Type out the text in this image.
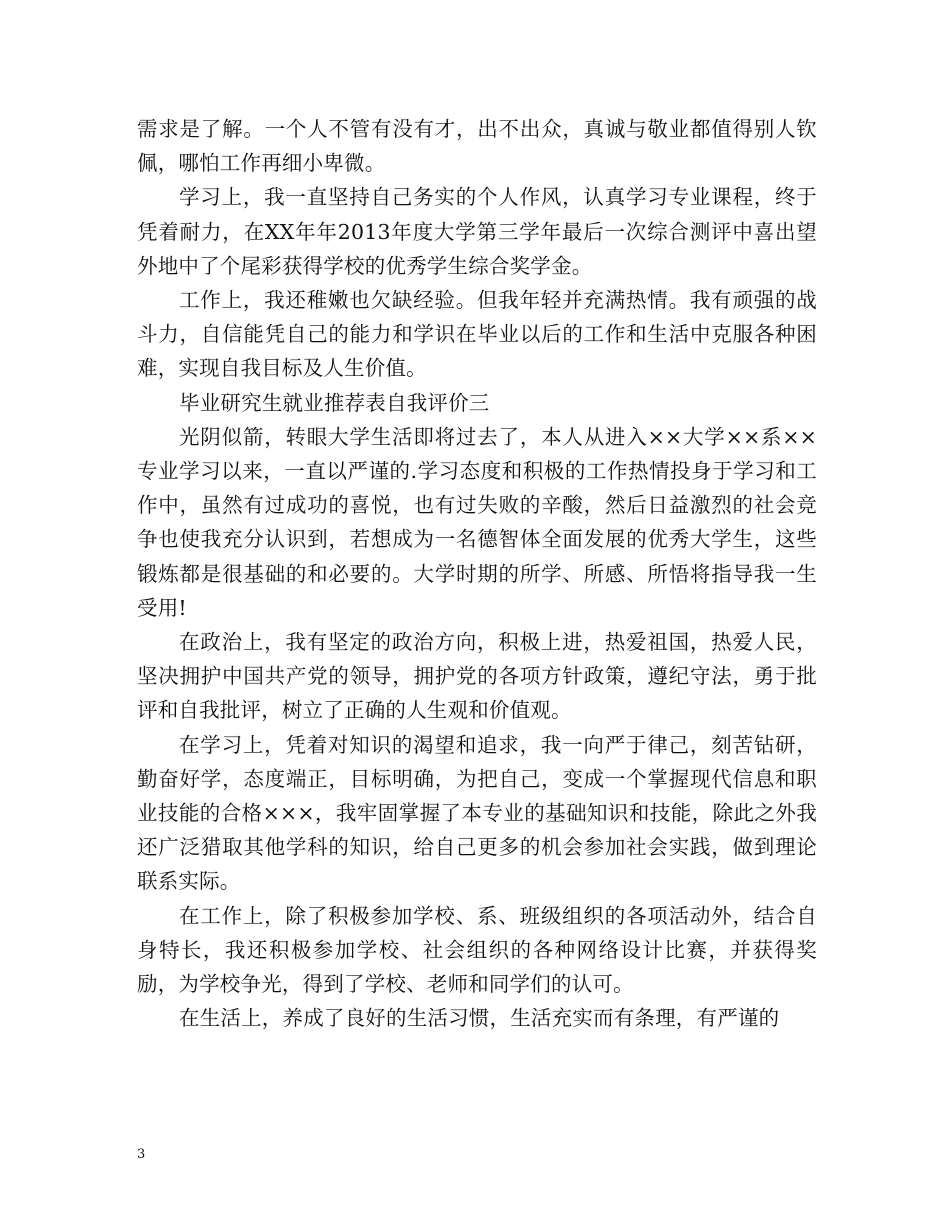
需求是了解。一个人不管有没有才，出不出众，真诚与敬业都值得别人钦佩，哪怕工作再细小卑微。

学习上，我一直坚持自己务实的个人作风，认真学习专业课程，终于凭着耐力，在XX年年2013年度大学第三学年最后一次综合测评中喜出望外地中了个尾彩获得学校的优秀学生综合奖学金。

工作上，我还稚嫩也欠缺经验。但我年轻并充满热情。我有顽强的战斗力，自信能凭自己的能力和学识在毕业以后的工作和生活中克服各种困难，实现自我目标及人生价值。

毕业研究生就业推荐表自我评价三

光阴似箭，转眼大学生活即将过去了，本人从进入××大学××系××专业学习以来，一直以严谨的.学习态度和积极的工作热情投身于学习和工作中，虽然有过成功的喜悦，也有过失败的辛酸，然后日益激烈的社会竞争也使我充分认识到，若想成为一名德智体全面发展的优秀大学生，这些锻炼都是很基础的和必要的。大学时期的所学、所感、所悟将指导我一生受用!

在政治上，我有坚定的政治方向，积极上进，热爱祖国，热爱人民，坚决拥护中国共产党的领导，拥护党的各项方针政策，遵纪守法，勇于批评和自我批评，树立了正确的人生观和价值观。

在学习上，凭着对知识的渴望和追求，我一向严于律己，刻苦钻研，勤奋好学，态度端正，目标明确，为把自己，变成一个掌握现代信息和职业技能的合格×××，我牢固掌握了本专业的基础知识和技能，除此之外我还广泛猎取其他学科的知识，给自己更多的机会参加社会实践，做到理论联系实际。

在工作上，除了积极参加学校、系、班级组织的各项活动外，结合自身特长，我还积极参加学校、社会组织的各种网络设计比赛，并获得奖励，为学校争光，得到了学校、老师和同学们的认可。

在生活上，养成了良好的生活习惯，生活充实而有条理，有严谨的

3
